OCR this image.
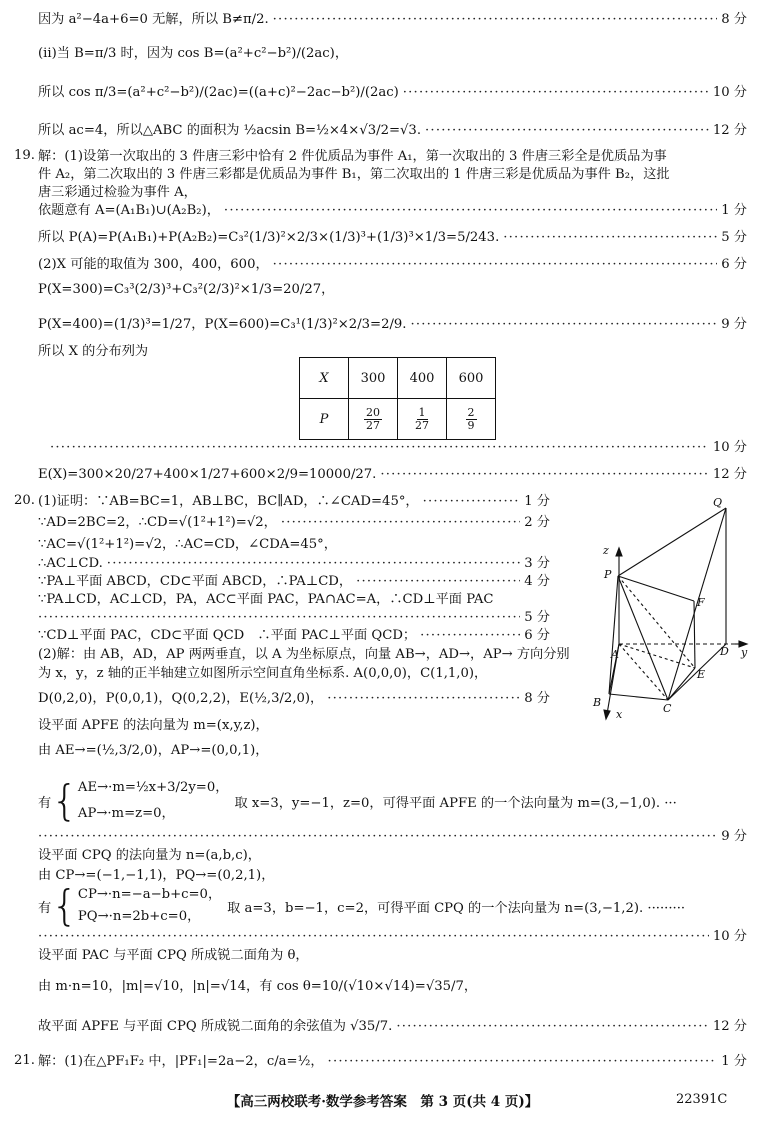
因为 a²−4a+6=0 无解，所以 B≠π/2. ·····	8 分
(ii)当 B=π/3 时，因为 cos B=(a²+c²−b²)/(2ac)，
所以 cos π/3=(a²+c²−b²)/(2ac)=((a+c)²−2ac−b²)/(2ac) ·····	10 分
所以 ac=4，所以△ABC 的面积为 ½acsin B=½×4×√3/2=√3. ·····	12 分
19. 解：(1)设第一次取出的 3 件唐三彩中恰有 2 件优质品为事件 A₁，第一次取出的 3 件唐三彩全是优质品为事
件 A₂，第二次取出的 3 件唐三彩都是优质品为事件 B₁，第二次取出的 1 件唐三彩是优质品为事件 B₂，这批
唐三彩通过检验为事件 A，
依题意有 A=(A₁B₁)∪(A₂B₂)， ·····	1 分
所以 P(A)=P(A₁B₁)+P(A₂B₂)=C₃²(1/3)²×2/3×(1/3)³+(1/3)³×1/3=5/243. ·····	5 分
(2)X 可能的取值为 300，400，600， ·····	6 分
P(X=300)=C₃³(2/3)³+C₃²(2/3)²×1/3=20/27，
P(X=400)=(1/3)³=1/27，P(X=600)=C₃¹(1/3)²×2/3=2/9. ·····	9 分
所以 X 的分布列为
X	300	400	600
P	$\frac{20}{27}$	$\frac{1}{27}$	$\frac{2}{9}$
·····
10 分
E(X)=300×20/27+400×1/27+600×2/9=10000/27. ·····	12 分
20. (1)证明：∵AB=BC=1，AB⊥BC，BC∥AD，∴∠CAD=45°， ·····	1 分
∵AD=2BC=2，∴CD=√(1²+1²)=√2， ·····	2 分
∵AC=√(1²+1²)=√2，∴AC=CD，∠CDA=45°，
∴AC⊥CD. ·····	3 分
∵PA⊥平面 ABCD，CD⊂平面 ABCD，∴PA⊥CD， ·····	4 分
∵PA⊥CD，AC⊥CD，PA，AC⊂平面 PAC，PA∩AC=A，∴CD⊥平面 PAC
·····
5 分
∵CD⊥平面 PAC，CD⊂平面 QCD　∴平面 PAC⊥平面 QCD； ·····	6 分
(2)解：由 AB，AD，AP 两两垂直，以 A 为坐标原点，向量 AB→，AD→，AP→ 方向分别
为 x，y，z 轴的正半轴建立如图所示空间直角坐标系. A(0,0,0)，C(1,1,0)，
D(0,2,0)，P(0,0,1)，Q(0,2,2)，E(½,3/2,0)， ·····	8 分
Q
z
P
F
A	D y
E
B	C
x
设平面 APFE 的法向量为 m=(x,y,z)，
由 AE→=(½,3/2,0)，AP→=(0,0,1)，
有 { AE→·m=½x+3/2y=0，
AP→·m=z=0，
取 x=3，y=−1，z=0，可得平面 APFE 的一个法向量为 m=(3,−1,0). ···
·····
9 分
设平面 CPQ 的法向量为 n=(a,b,c)，
由 CP→=(−1,−1,1)，PQ→=(0,2,1)，
有 { CP→·n=−a−b+c=0，
PQ→·n=2b+c=0，
取 a=3，b=−1，c=2，可得平面 CPQ 的一个法向量为 n=(3,−1,2). ·········
·····
10 分
设平面 PAC 与平面 CPQ 所成锐二面角为 θ，
由 m·n=10，|m|=√10，|n|=√14，有 cos θ=10/(√10×√14)=√35/7，
故平面 APFE 与平面 CPQ 所成锐二面角的余弦值为 √35/7. ·····	12 分
21. 解：(1)在△PF₁F₂ 中，|PF₁|=2a−2，c/a=½， ·····	1 分
【高三两校联考·数学参考答案　第 3 页(共 4 页)】	22391C
